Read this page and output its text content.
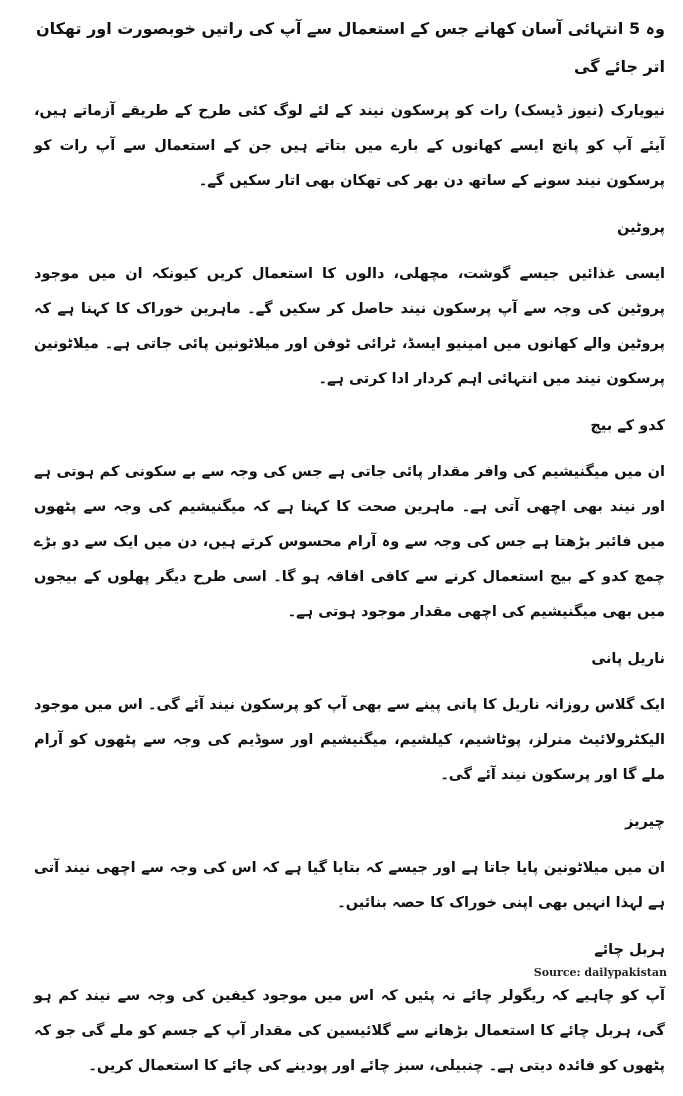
وہ 5 انتہائی آسان کھانے جس کے استعمال سے آپ کی راتیں خوبصورت اور تھکان اتر جائے گی
نیویارک (نیوز ڈیسک) رات کو پرسکون نیند کے لئے لوگ کئی طرح کے طریقے آزماتے ہیں، آیئے آپ کو پانچ ایسے کھانوں کے بارے میں بتاتے ہیں جن کے استعمال سے آپ رات کو پرسکون نیند سونے کے ساتھ دن بھر کی تھکان بھی اتار سکیں گے۔
پروٹین
ایسی غذائیں جیسے گوشت، مچھلی، دالوں کا استعمال کریں کیونکہ ان میں موجود پروٹین کی وجہ سے آپ پرسکون نیند حاصل کر سکیں گے۔ ماہرین خوراک کا کہنا ہے کہ پروٹین والے کھانوں میں امینیو ایسڈ، ٹرائی ٹوفن اور میلاٹونین پائی جاتی ہے۔ میلاٹونین پرسکون نیند میں انتہائی اہم کردار ادا کرتی ہے۔
کدو کے بیج
ان میں میگنیشیم کی وافر مقدار پائی جاتی ہے جس کی وجہ سے بے سکونی کم ہوتی ہے اور نیند بھی اچھی آتی ہے۔ ماہرین صحت کا کہنا ہے کہ میگنیشیم کی وجہ سے پٹھوں میں فائبر بڑھتا ہے جس کی وجہ سے وہ آرام محسوس کرتے ہیں، دن میں ایک سے دو بڑے چمچ کدو کے بیج استعمال کرنے سے کافی افاقہ ہو گا۔ اسی طرح دیگر پھلوں کے بیجوں میں بھی میگنیشیم کی اچھی مقدار موجود ہوتی ہے۔
ناریل پانی
ایک گلاس روزانہ ناریل کا پانی پینے سے بھی آپ کو پرسکون نیند آئے گی۔ اس میں موجود الیکٹرولائیٹ منرلز، پوٹاشیم، کیلشیم، میگنیشیم اور سوڈیم کی وجہ سے پٹھوں کو آرام ملے گا اور پرسکون نیند آئے گی۔
چیریز
ان میں میلاٹونین پایا جاتا ہے اور جیسے کہ بتایا گیا ہے کہ اس کی وجہ سے اچھی نیند آتی ہے لہذا انہیں بھی اپنی خوراک کا حصہ بنائیں۔
ہربل چائے
آپ کو چاہیے کہ ریگولر چائے نہ پئیں کہ اس میں موجود کیفین کی وجہ سے نیند کم ہو گی، ہربل چائے کا استعمال بڑھانے سے گلائیسین کی مقدار آپ کے جسم کو ملے گی جو کہ پٹھوں کو فائدہ دیتی ہے۔ چنبیلی، سبز چائے اور پودینے کی چائے کا استعمال کریں۔
Source: dailypakistan
